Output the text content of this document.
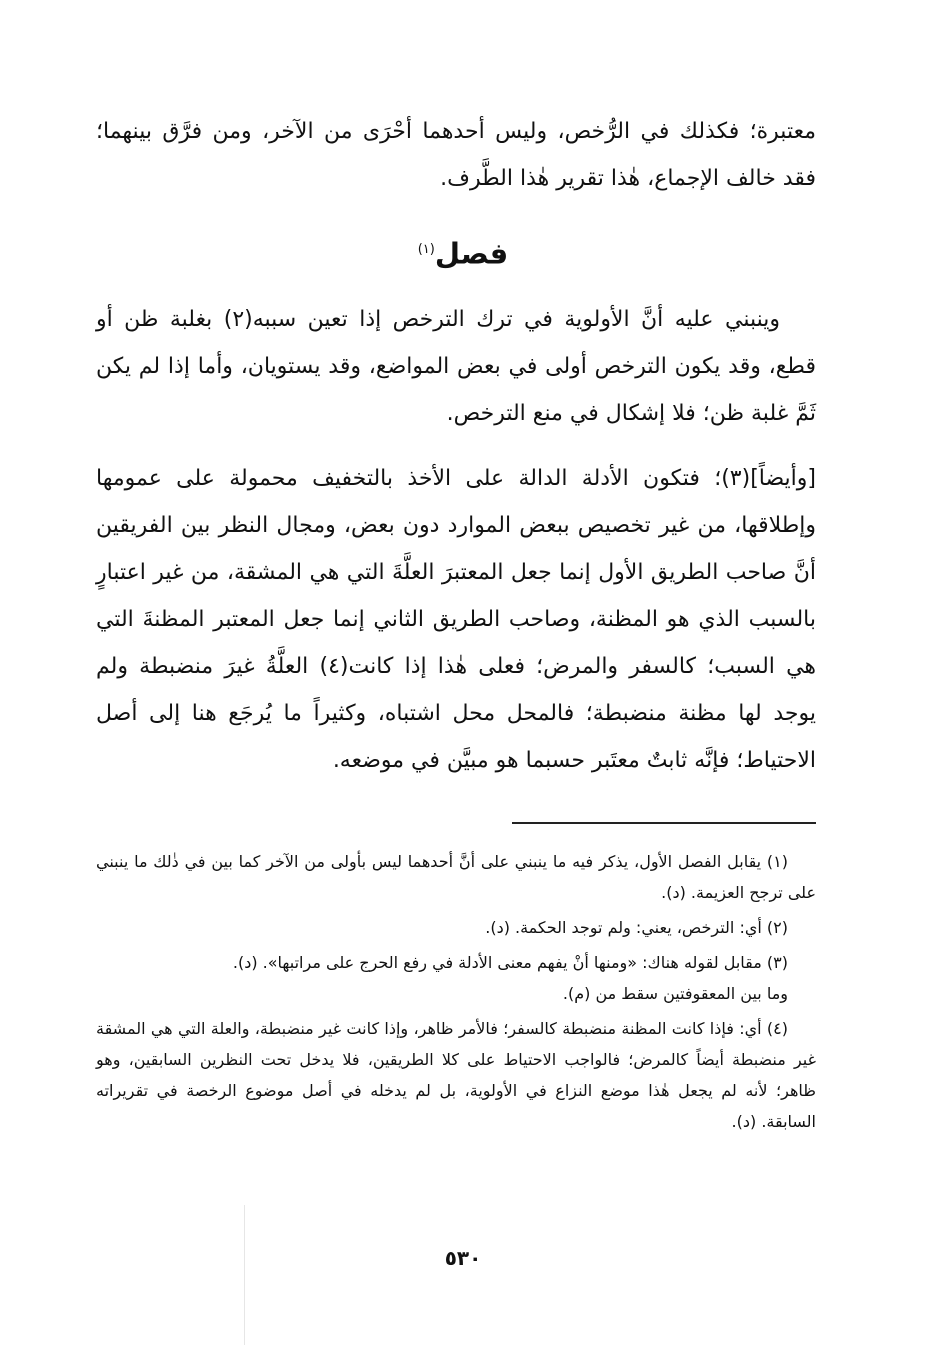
معتبرة؛ فكذلك في الرُّخص، وليس أحدهما أحْرَى من الآخر، ومن فرَّق بينهما؛ فقد خالف الإجماع، هٰذا تقرير هٰذا الطَّرف.
فصل$^{(١)}$
وينبني عليه أنَّ الأولوية في ترك الترخص إذا تعين سببه(٢) بغلبة ظن أو قطع، وقد يكون الترخص أولى في بعض المواضع، وقد يستويان، وأما إذا لم يكن ثَمَّ غلبة ظن؛ فلا إشكال في منع الترخص.
[وأيضاً](٣)؛ فتكون الأدلة الدالة على الأخذ بالتخفيف محمولة على عمومها وإطلاقها، من غير تخصيص ببعض الموارد دون بعض، ومجال النظر بين الفريقين أنَّ صاحب الطريق الأول إنما جعل المعتبرَ العلَّةَ التي هي المشقة، من غير اعتبارٍ بالسبب الذي هو المظنة، وصاحب الطريق الثاني إنما جعل المعتبر المظنةَ التي هي السبب؛ كالسفر والمرض؛ فعلى هٰذا إذا كانت(٤) العلَّةُ غيرَ منضبطة ولم يوجد لها مظنة منضبطة؛ فالمحل محل اشتباه، وكثيراً ما يُرجَع هنا إلى أصل الاحتياط؛ فإنَّه ثابتٌ معتَبر حسبما هو مبيَّن في موضعه.
(١) يقابل الفصل الأول، يذكر فيه ما ينبني على أنَّ أحدهما ليس بأولى من الآخر كما بين في ذٰلك ما ينبني على ترجح العزيمة. (د).
(٢) أي: الترخص، يعني: ولم توجد الحكمة. (د).
(٣) مقابل لقوله هناك: «ومنها أنْ يفهم معنى الأدلة في رفع الحرج على مراتبها». (د).
وما بين المعقوفتين سقط من (م).
(٤) أي: فإذا كانت المظنة منضبطة كالسفر؛ فالأمر ظاهر، وإذا كانت غير منضبطة، والعلة التي هي المشقة غير منضبطة أيضاً كالمرض؛ فالواجب الاحتياط على كلا الطريقين، فلا يدخل تحت النظرين السابقين، وهو ظاهر؛ لأنه لم يجعل هٰذا موضع النزاع في الأولوية، بل لم يدخله في أصل موضوع الرخصة في تقريراته السابقة. (د).
٥٣٠
